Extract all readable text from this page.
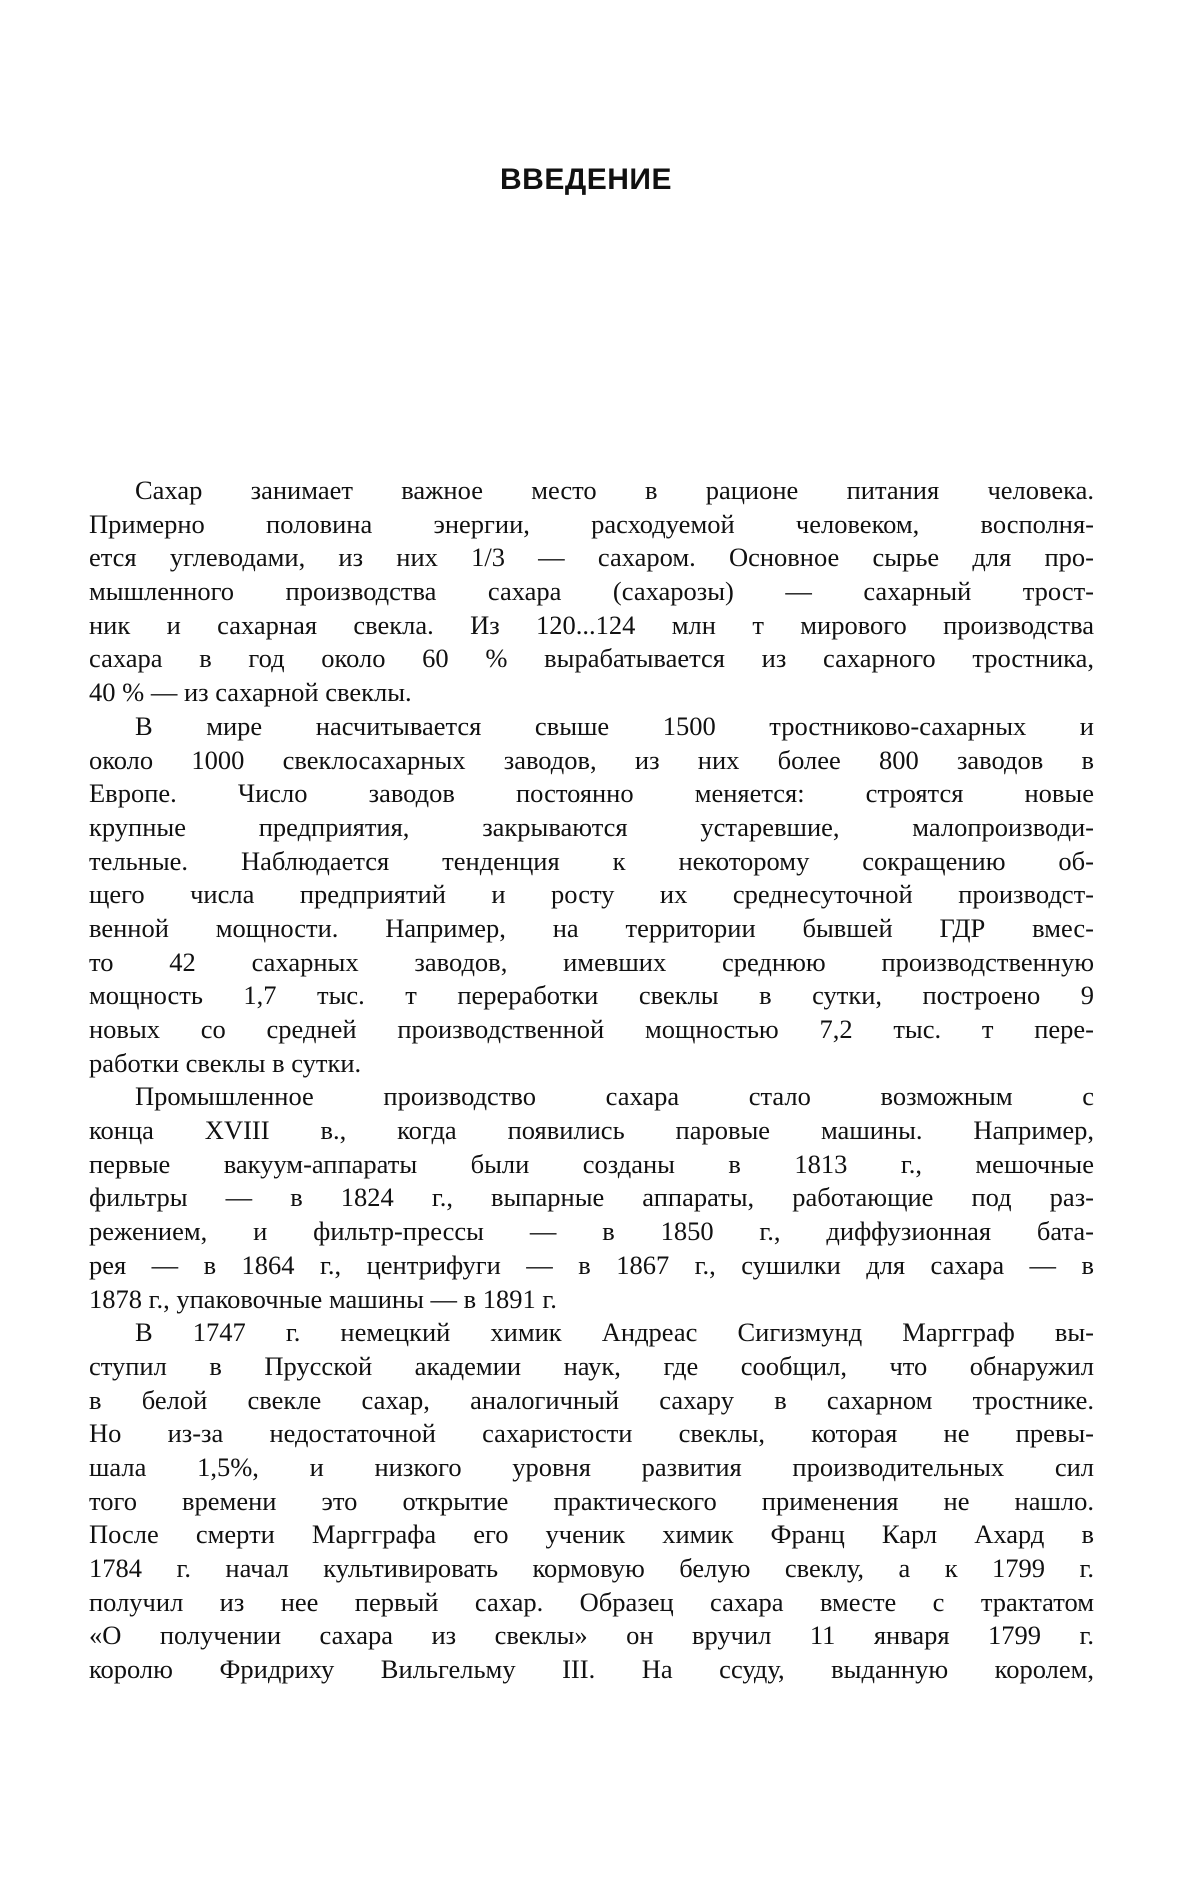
ВВЕДЕНИЕ
Сахар занимает важное место в рационе питания человека.
Примерно половина энергии, расходуемой человеком, восполня-
ется углеводами, из них 1/3 — сахаром. Основное сырье для про-
мышленного производства сахара (сахарозы) — сахарный трост-
ник и сахарная свекла. Из 120...124 млн т мирового производства
сахара в год около 60 % вырабатывается из сахарного тростника,
40 % — из сахарной свеклы.
В мире насчитывается свыше 1500 тростниково-сахарных и
около 1000 свеклосахарных заводов, из них более 800 заводов в
Европе. Число заводов постоянно меняется: строятся новые
крупные предприятия, закрываются устаревшие, малопроизводи-
тельные. Наблюдается тенденция к некоторому сокращению об-
щего числа предприятий и росту их среднесуточной производст-
венной мощности. Например, на территории бывшей ГДР вмес-
то 42 сахарных заводов, имевших среднюю производственную
мощность 1,7 тыс. т переработки свеклы в сутки, построено 9
новых со средней производственной мощностью 7,2 тыс. т пере-
работки свеклы в сутки.
Промышленное производство сахара стало возможным с
конца XVIII в., когда появились паровые машины. Например,
первые вакуум-аппараты были созданы в 1813 г., мешочные
фильтры — в 1824 г., выпарные аппараты, работающие под раз-
режением, и фильтр-прессы — в 1850 г., диффузионная бата-
рея — в 1864 г., центрифуги — в 1867 г., сушилки для сахара — в
1878 г., упаковочные машины — в 1891 г.
В 1747 г. немецкий химик Андреас Сигизмунд Маргграф вы-
ступил в Прусской академии наук, где сообщил, что обнаружил
в белой свекле сахар, аналогичный сахару в сахарном тростнике.
Но из-за недостаточной сахаристости свеклы, которая не превы-
шала 1,5%, и низкого уровня развития производительных сил
того времени это открытие практического применения не нашло.
После смерти Маргграфа его ученик химик Франц Карл Ахард в
1784 г. начал культивировать кормовую белую свеклу, а к 1799 г.
получил из нее первый сахар. Образец сахара вместе с трактатом
«О получении сахара из свеклы» он вручил 11 января 1799 г.
королю Фридриху Вильгельму III. На ссуду, выданную королем,
